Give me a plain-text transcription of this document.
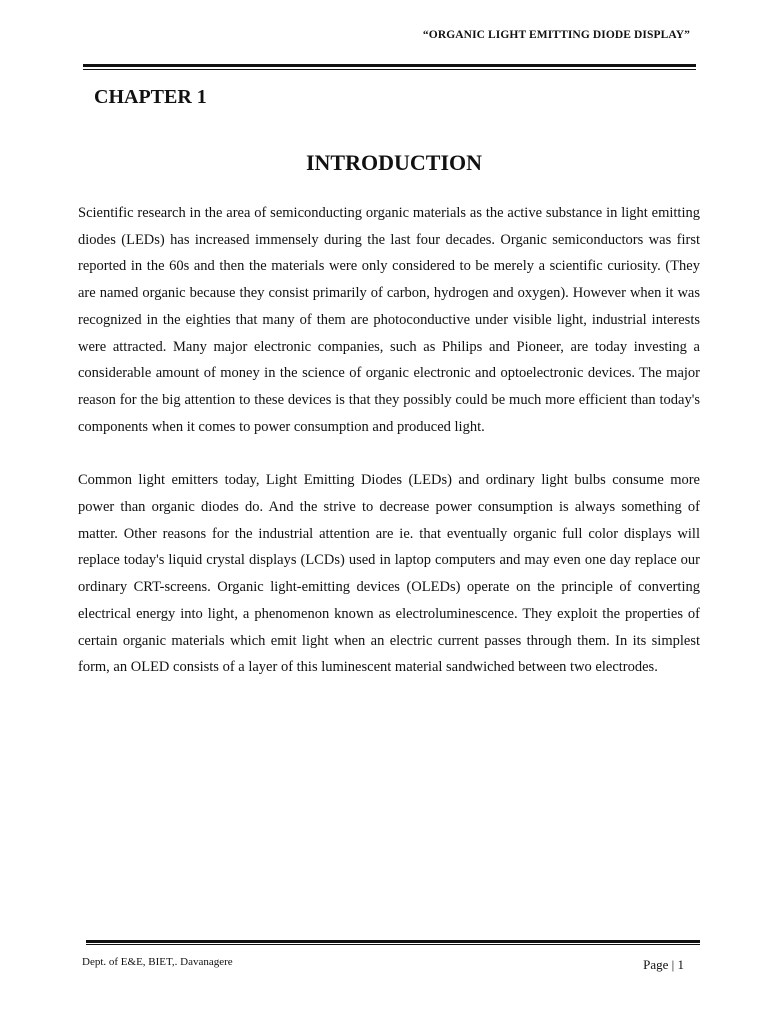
“ORGANIC LIGHT EMITTING DIODE DISPLAY”
CHAPTER 1
INTRODUCTION

Scientific research in the area of semiconducting organic materials as the active substance in light emitting diodes (LEDs) has increased immensely during the last four decades. Organic semiconductors was first reported in the 60s and then the materials were only considered to be merely a scientific curiosity. (They are named organic because they consist primarily of carbon, hydrogen and oxygen). However when it was recognized in the eighties that many of them are photoconductive under visible light, industrial interests were attracted. Many major electronic companies, such as Philips and Pioneer, are today investing a considerable amount of money in the science of organic electronic and optoelectronic devices. The major reason for the big attention to these devices is that they possibly could be much more efficient than today's components when it comes to power consumption and produced light.

Common light emitters today, Light Emitting Diodes (LEDs) and ordinary light bulbs consume more power than organic diodes do. And the strive to decrease power consumption is always something of matter. Other reasons for the industrial attention are ie. that eventually organic full color displays will replace today's liquid crystal displays (LCDs) used in laptop computers and may even one day replace our ordinary CRT-screens. Organic light-emitting devices (OLEDs) operate on the principle of converting electrical energy into light, a phenomenon known as electroluminescence. They exploit the properties of certain organic materials which emit light when an electric current passes through them. In its simplest form, an OLED consists of a layer of this luminescent material sandwiched between two electrodes.

Dept. of E&E, BIET,. Davanagere	Page | 1
